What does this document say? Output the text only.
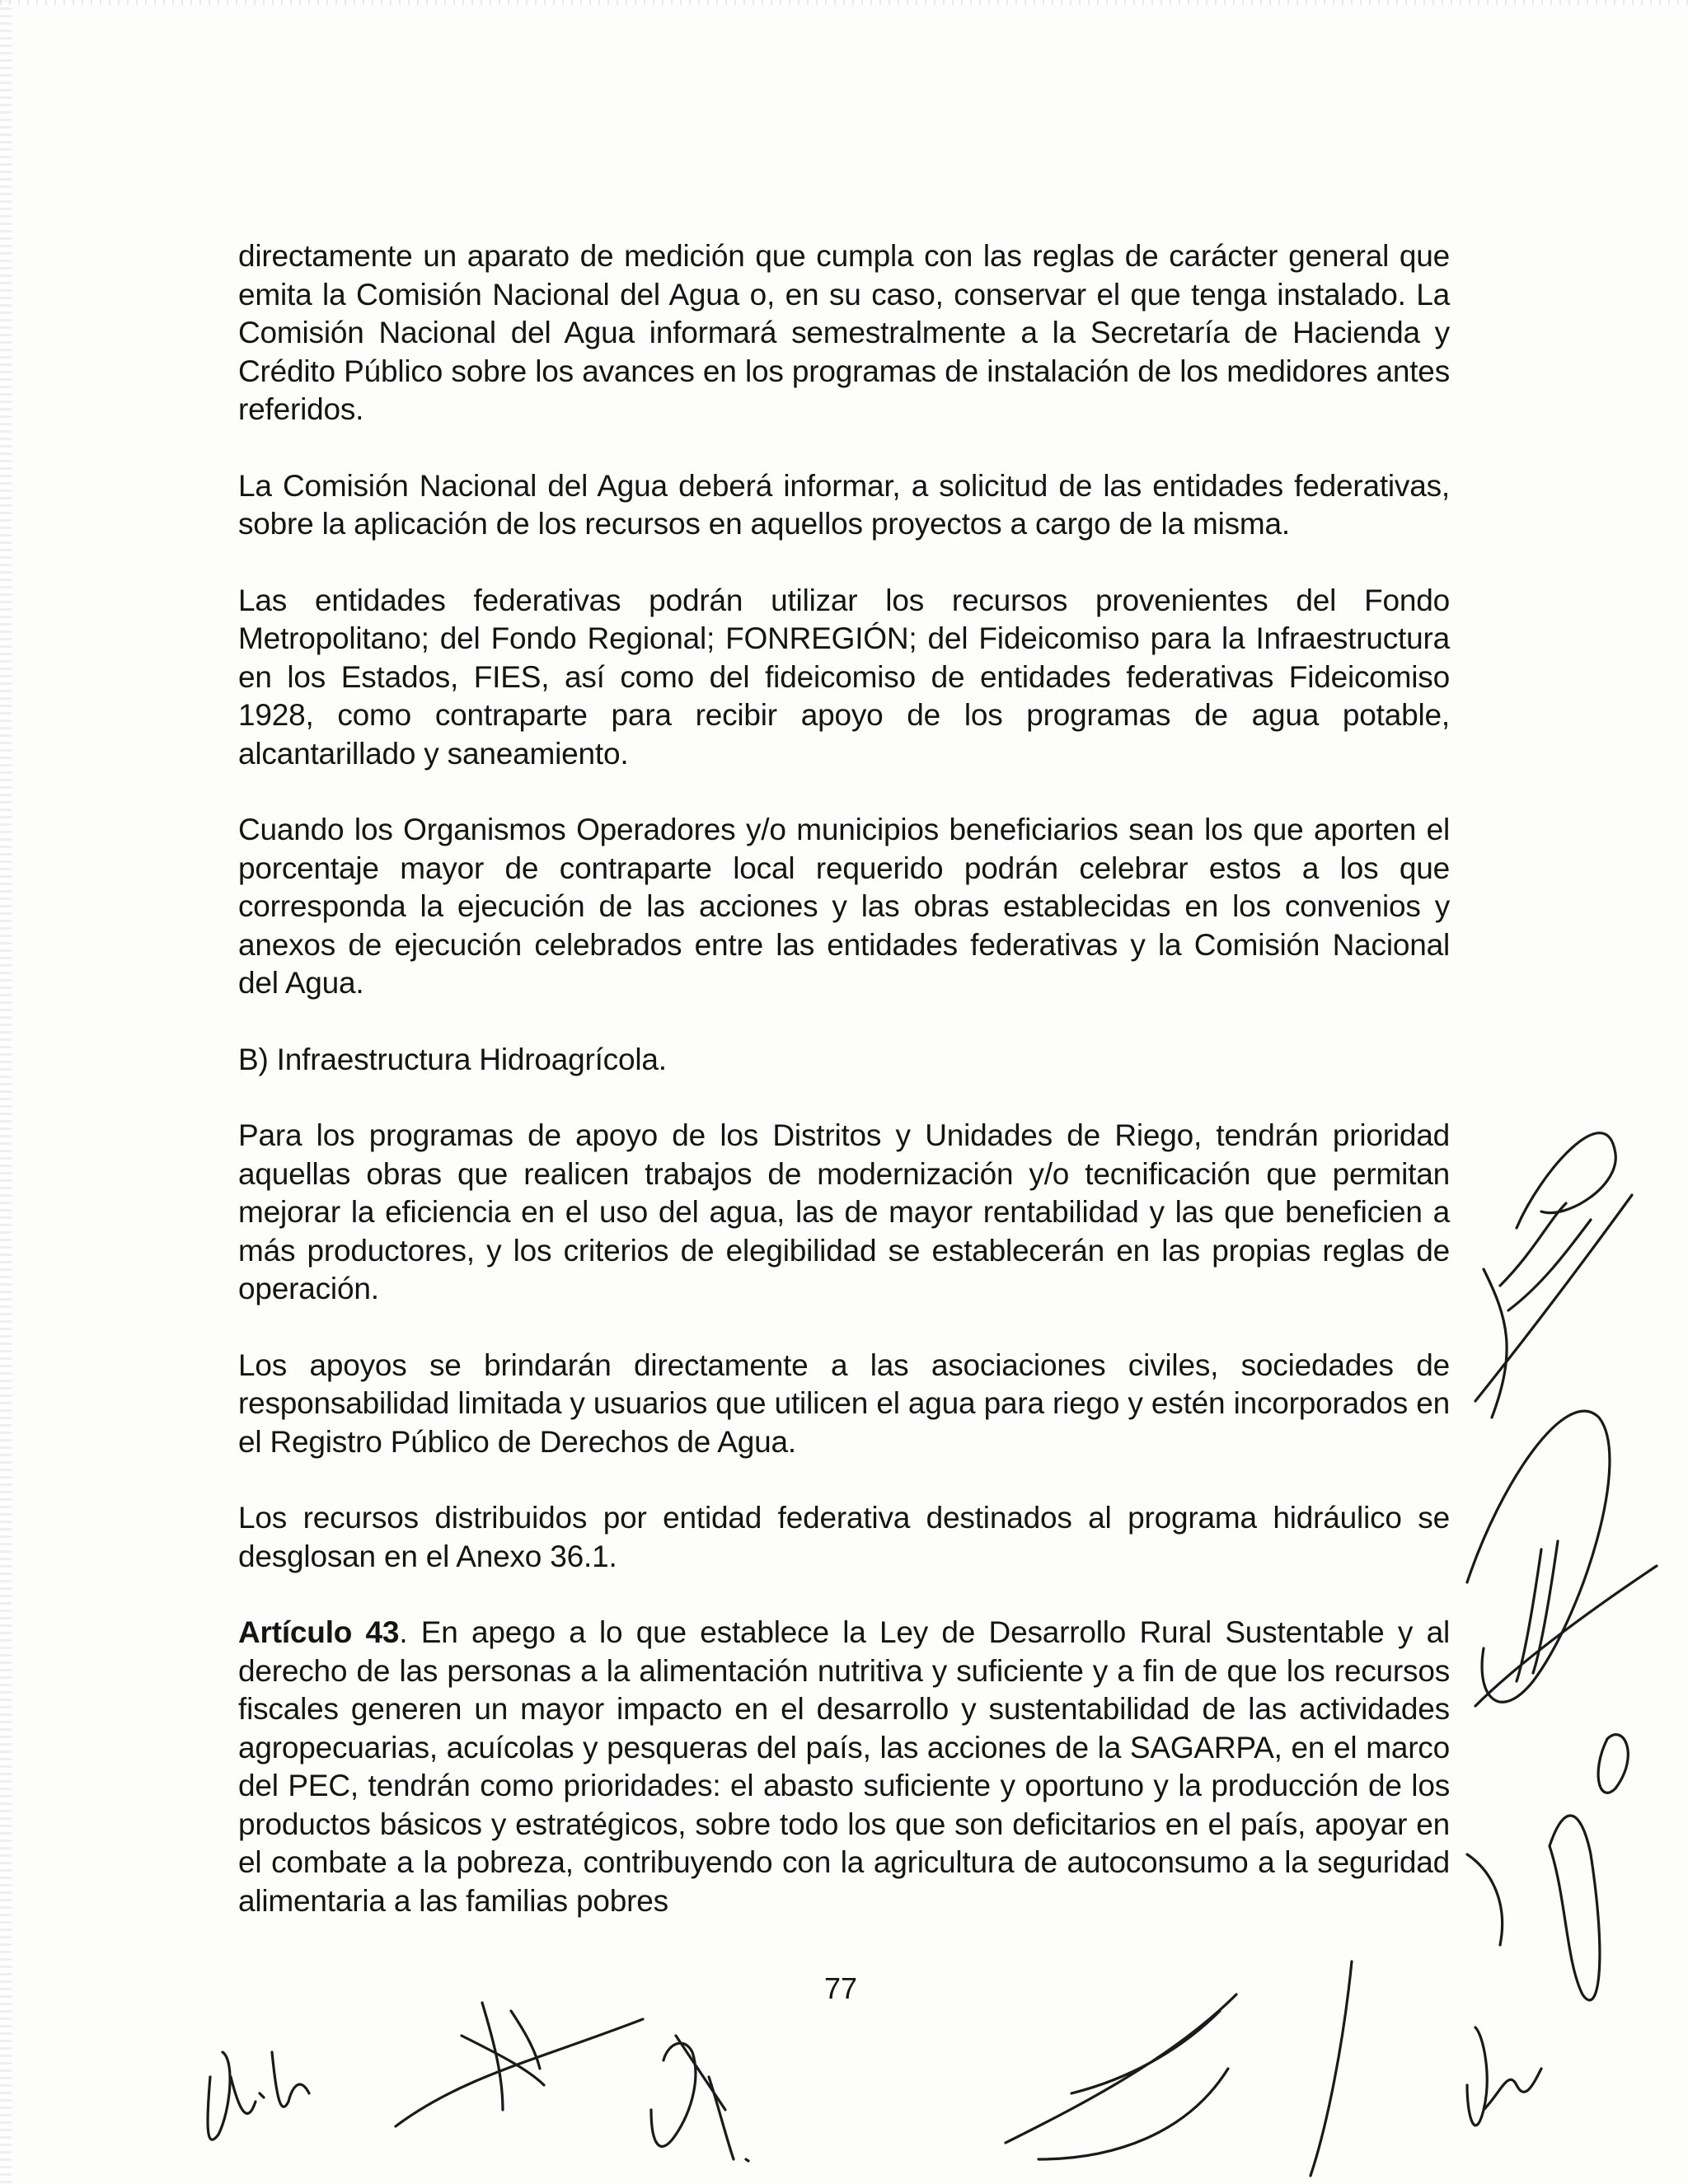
directamente un aparato de medición que cumpla con las reglas de carácter general que emita la Comisión Nacional del Agua o, en su caso, conservar el que tenga instalado. La Comisión Nacional del Agua informará semestralmente a la Secretaría de Hacienda y Crédito Público sobre los avances en los programas de instalación de los medidores antes referidos.

La Comisión Nacional del Agua deberá informar, a solicitud de las entidades federativas, sobre la aplicación de los recursos en aquellos proyectos a cargo de la misma.

Las entidades federativas podrán utilizar los recursos provenientes del Fondo Metropolitano; del Fondo Regional; FONREGIÓN; del Fideicomiso para la Infraestructura en los Estados, FIES, así como del fideicomiso de entidades federativas Fideicomiso 1928, como contraparte para recibir apoyo de los programas de agua potable, alcantarillado y saneamiento.

Cuando los Organismos Operadores y/o municipios beneficiarios sean los que aporten el porcentaje mayor de contraparte local requerido podrán celebrar estos a los que corresponda la ejecución de las acciones y las obras establecidas en los convenios y anexos de ejecución celebrados entre las entidades federativas y la Comisión Nacional del Agua.

B) Infraestructura Hidroagrícola.

Para los programas de apoyo de los Distritos y Unidades de Riego, tendrán prioridad aquellas obras que realicen trabajos de modernización y/o tecnificación que permitan mejorar la eficiencia en el uso del agua, las de mayor rentabilidad y las que beneficien a más productores, y los criterios de elegibilidad se establecerán en las propias reglas de operación.

Los apoyos se brindarán directamente a las asociaciones civiles, sociedades de responsabilidad limitada y usuarios que utilicen el agua para riego y estén incorporados en el Registro Público de Derechos de Agua.

Los recursos distribuidos por entidad federativa destinados al programa hidráulico se desglosan en el Anexo 36.1.

Artículo 43. En apego a lo que establece la Ley de Desarrollo Rural Sustentable y al derecho de las personas a la alimentación nutritiva y suficiente y a fin de que los recursos fiscales generen un mayor impacto en el desarrollo y sustentabilidad de las actividades agropecuarias, acuícolas y pesqueras del país, las acciones de la SAGARPA, en el marco del PEC, tendrán como prioridades: el abasto suficiente y oportuno y la producción de los productos básicos y estratégicos, sobre todo los que son deficitarios en el país, apoyar en el combate a la pobreza, contribuyendo con la agricultura de autoconsumo a la seguridad alimentaria a las familias pobres

77
